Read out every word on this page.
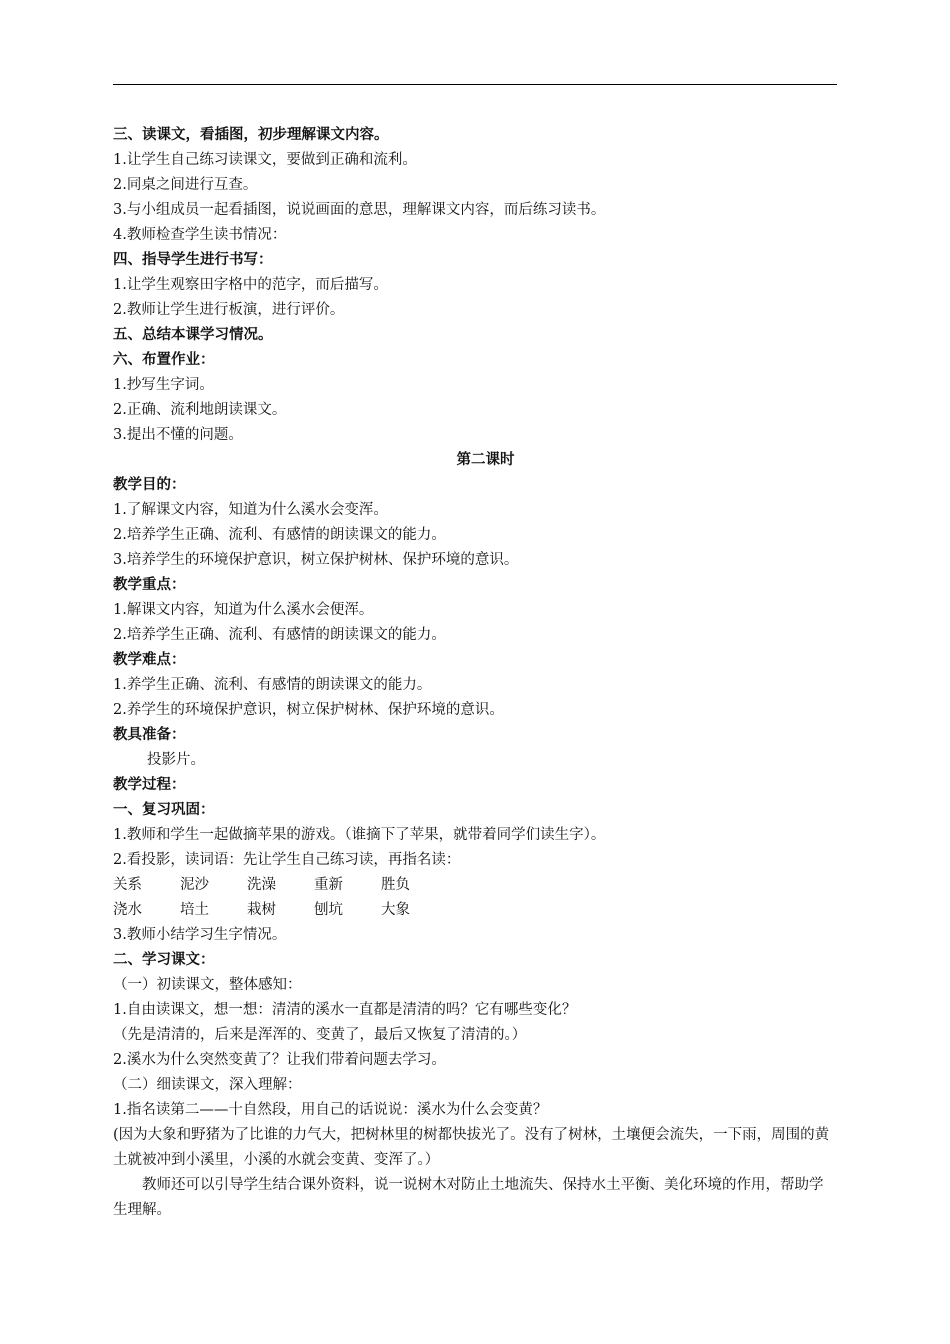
三、读课文，看插图，初步理解课文内容。
1.让学生自己练习读课文，要做到正确和流利。
2.同桌之间进行互查。
3.与小组成员一起看插图，说说画面的意思，理解课文内容，而后练习读书。
4.教师检查学生读书情况：
四、指导学生进行书写：
1.让学生观察田字格中的范字，而后描写。
2.教师让学生进行板演，进行评价。
五、总结本课学习情况。
六、布置作业：
1.抄写生字词。
2.正确、流利地朗读课文。
3.提出不懂的问题。
第二课时
教学目的：
1.了解课文内容，知道为什么溪水会变浑。
2.培养学生正确、流利、有感情的朗读课文的能力。
3.培养学生的环境保护意识，树立保护树林、保护环境的意识。
教学重点：
1.解课文内容，知道为什么溪水会便浑。
2.培养学生正确、流利、有感情的朗读课文的能力。
教学难点：
1.养学生正确、流利、有感情的朗读课文的能力。
2.养学生的环境保护意识，树立保护树林、保护环境的意识。
教具准备：
投影片。
教学过程：
一、复习巩固：
1.教师和学生一起做摘苹果的游戏。（谁摘下了苹果，就带着同学们读生字）。
2.看投影，读词语：先让学生自己练习读，再指名读：
关系	泥沙	洗澡	重新	胜负
浇水	培土	栽树	刨坑	大象
3.教师小结学习生字情况。
二、学习课文：
（一）初读课文，整体感知：
1.自由读课文，想一想：清清的溪水一直都是清清的吗？它有哪些变化？
（先是清清的，后来是浑浑的、变黄了，最后又恢复了清清的。）
2.溪水为什么突然变黄了？让我们带着问题去学习。
（二）细读课文，深入理解：
1.指名读第二——十自然段，用自己的话说说：溪水为什么会变黄？
(因为大象和野猪为了比谁的力气大，把树林里的树都快拔光了。没有了树林，土壤便会流失，一下雨，周围的黄土就被冲到小溪里，小溪的水就会变黄、变浑了。）
教师还可以引导学生结合课外资料，说一说树木对防止土地流失、保持水土平衡、美化环境的作用，帮助学生理解。
